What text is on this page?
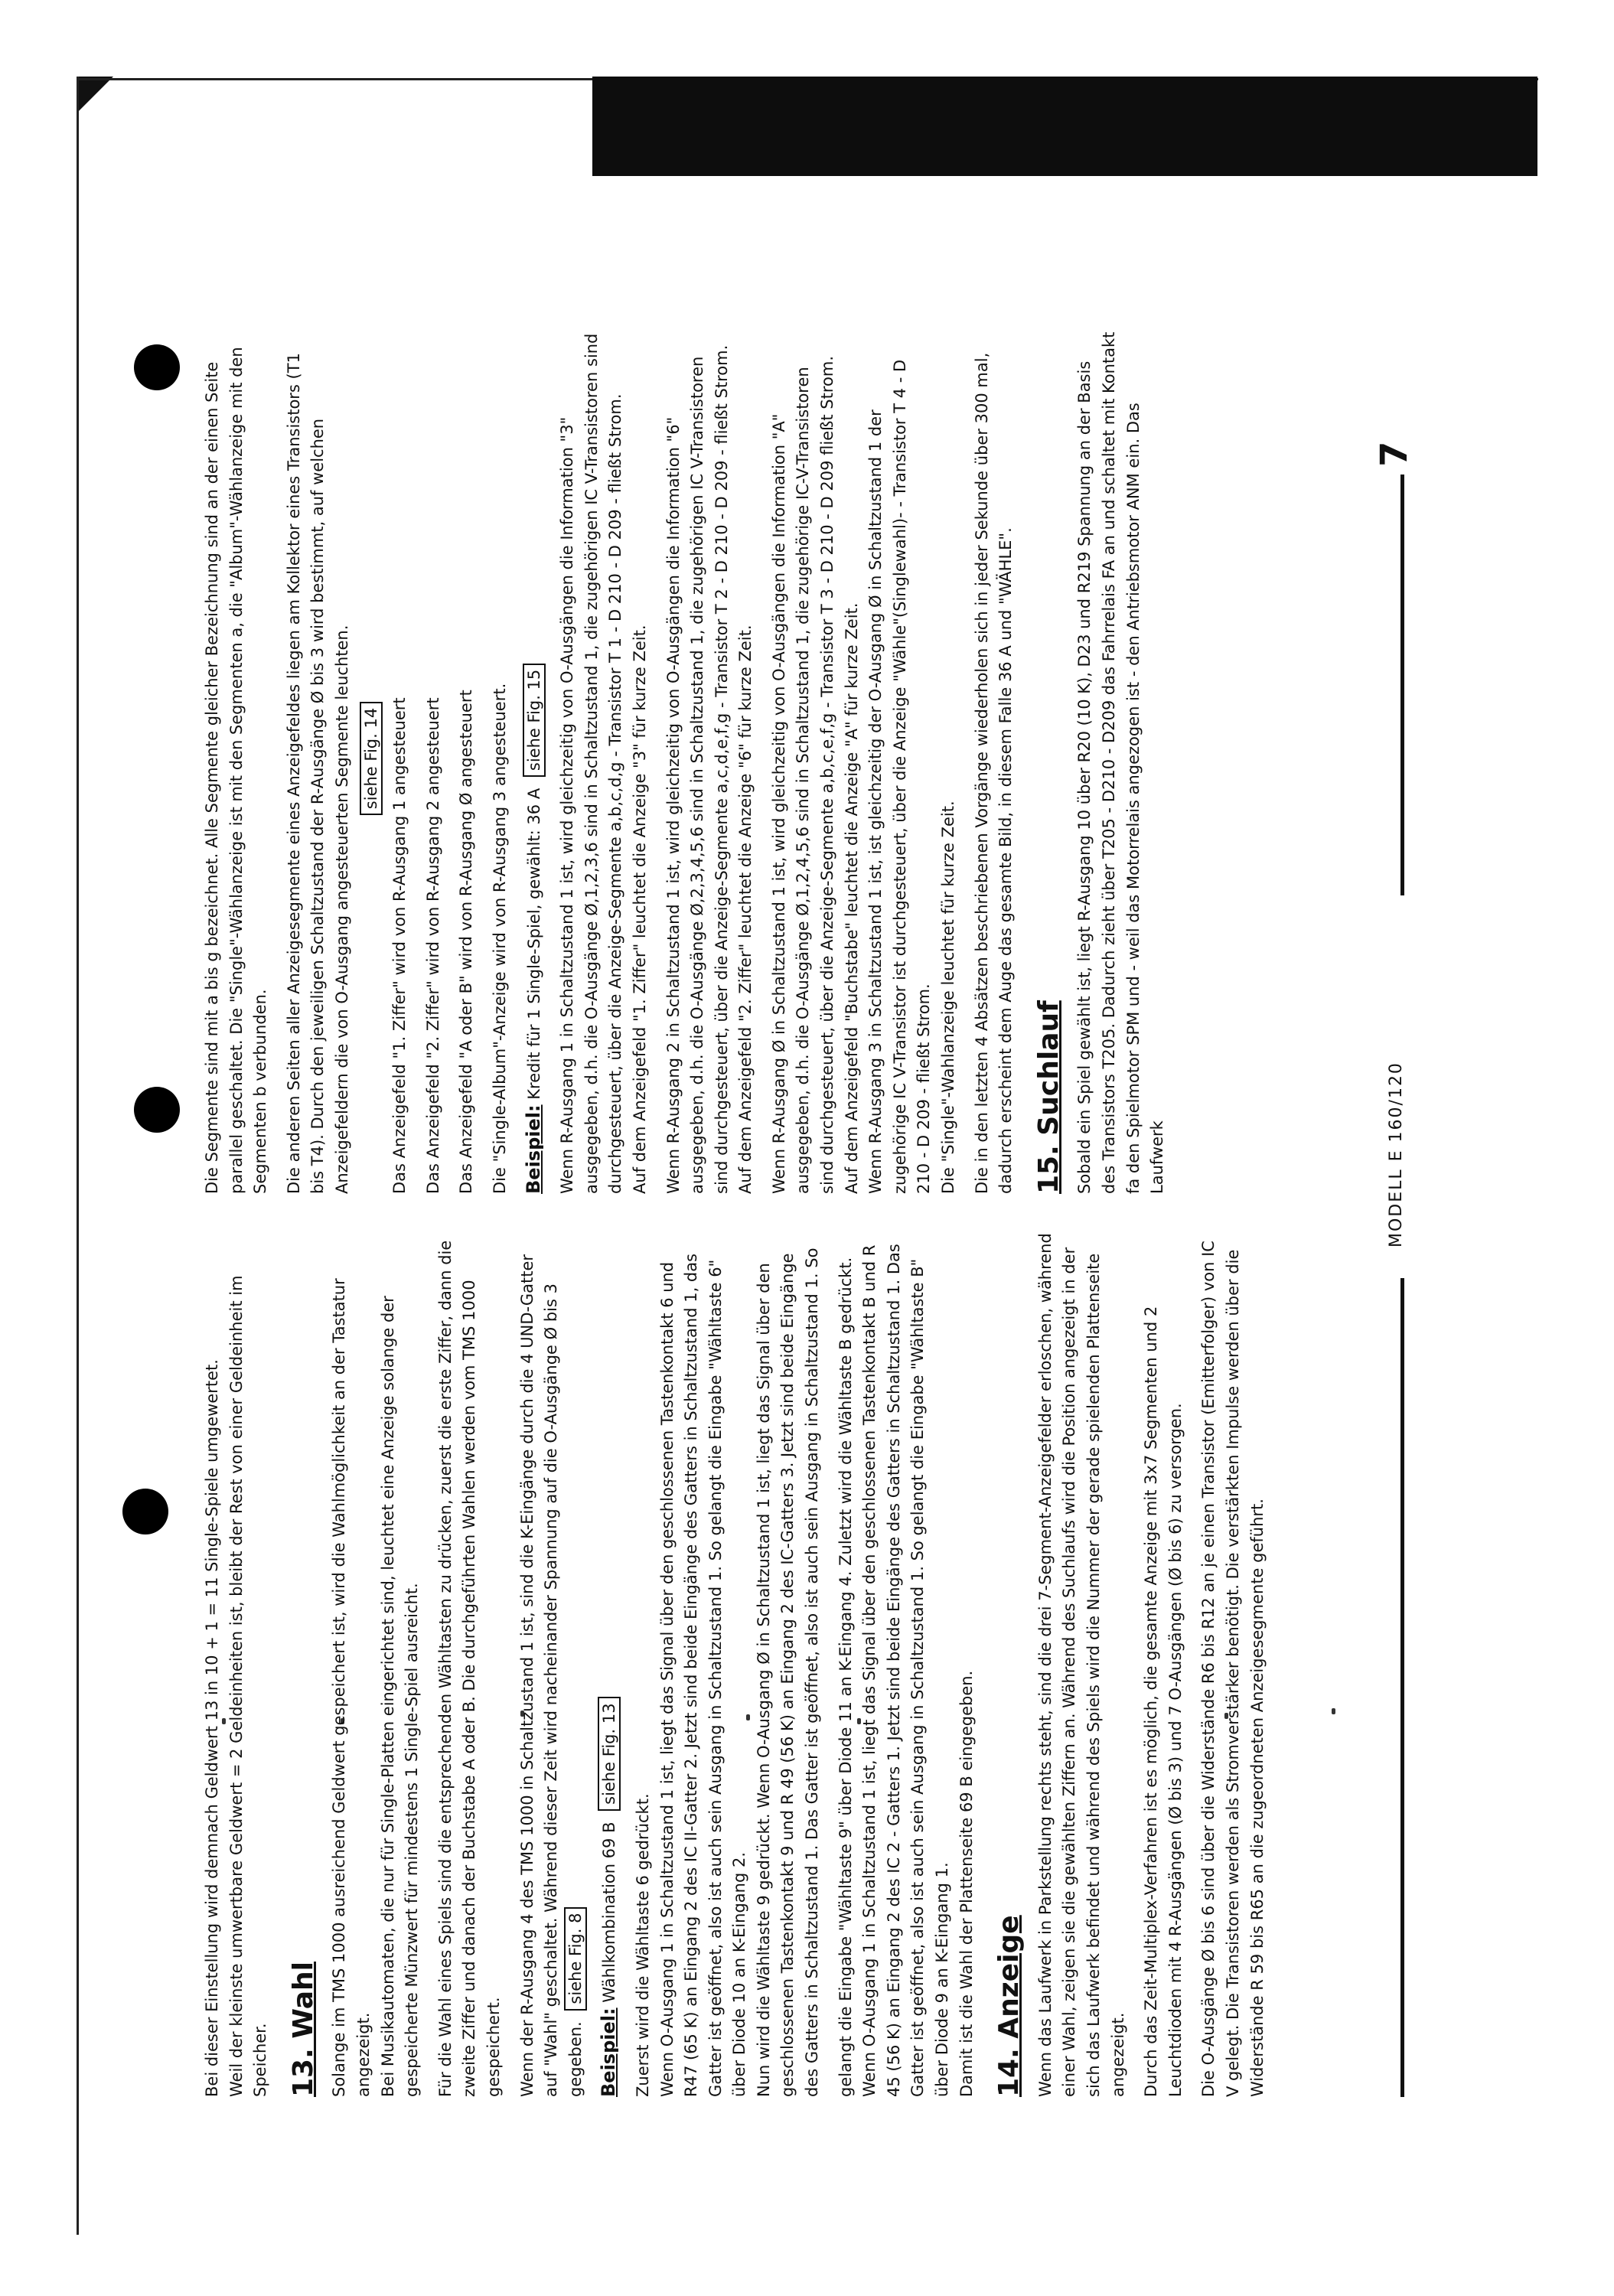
Bei dieser Einstellung wird demnach Geldwert 13 in 10 + 1 = 11 Single-Spiele umgewertet. Weil der kleinste umwertbare Geldwert = 2 Geldeinheiten ist, bleibt der Rest von einer Geldeinheit im Speicher. 13. Wahl Solange im TMS 1000 ausreichend Geldwert gespeichert ist, wird die Wahlmöglichkeit an der Tastatur angezeigt. Bei Musikautomaten, die nur für Single-Platten eingerichtet sind, leuchtet eine Anzeige solange der gespeicherte Münzwert für mindestens 1 Single-Spiel ausreicht. Für die Wahl eines Spiels sind die entsprechenden Wähltasten zu drücken, zuerst die erste Ziffer, dann die zweite Ziffer und danach der Buchstabe A oder B. Die durchgeführten Wahlen werden vom TMS 1000 gespeichert. Wenn der R-Ausgang 4 des TMS 1000 in Schaltzustand 1 ist, sind die K-Eingänge durch die 4 UND-Gatter auf "Wahl" geschaltet. Während dieser Zeit wird nacheinander Spannung auf die O-Ausgänge Ø bis 3 gegeben. siehe Fig. 8

Beispiel: Wählkombination 69 B siehe Fig. 13

Zuerst wird die Wähltaste 6 gedrückt. Wenn O-Ausgang 1 in Schaltzustand 1 ist, liegt das Signal über den geschlossenen Tastenkontakt 6 und R47 (65 K) an Eingang 2 des IC II-Gatter 2. Jetzt sind beide Eingänge des Gatters in Schaltzustand 1, das Gatter ist geöffnet, also ist auch sein Ausgang in Schaltzustand 1. So gelangt die Eingabe "Wähltaste 6" über Diode 10 an K-Eingang 2. Nun wird die Wähltaste 9 gedrückt. Wenn O-Ausgang Ø in Schaltzustand 1 ist, liegt das Signal über den geschlossenen Tastenkontakt 9 und R 49 (56 K) an Eingang 2 des IC-Gatters 3. Jetzt sind beide Eingänge des Gatters in Schaltzustand 1. Das Gatter ist geöffnet, also ist auch sein Ausgang in Schaltzustand 1. So gelangt die Eingabe "Wähltaste 9" über Diode 11 an K-Eingang 4. Zuletzt wird die Wähltaste B gedrückt. Wenn O-Ausgang 1 in Schaltzustand 1 ist, liegt das Signal über den geschlossenen Tastenkontakt B und R 45 (56 K) an Eingang 2 des IC 2 - Gatters 1. Jetzt sind beide Eingänge des Gatters in Schaltzustand 1. Das Gatter ist geöffnet, also ist auch sein Ausgang in Schaltzustand 1. So gelangt die Eingabe "Wähltaste B" über Diode 9 an K-Eingang 1. Damit ist die Wahl der Plattenseite 69 B eingegeben. 14. Anzeige Wenn das Laufwerk in Parkstellung rechts steht, sind die drei 7-Segment-Anzeigefelder erloschen, während einer Wahl, zeigen sie die gewählten Ziffern an. Während des Suchlaufs wird die Position angezeigt in der sich das Laufwerk befindet und während des Spiels wird die Nummer der gerade spielenden Plattenseite angezeigt. Durch das Zeit-Multiplex-Verfahren ist es möglich, die gesamte Anzeige mit 3x7 Segmenten und 2 Leuchtdioden mit 4 R-Ausgängen (Ø bis 3) und 7 O-Ausgängen (Ø bis 6) zu versorgen. Die O-Ausgänge Ø bis 6 sind über die Widerstände R6 bis R12 an je einen Transistor (Emitterfolger) von IC V gelegt. Die Transistoren werden als Stromverstärker benötigt. Die verstärkten Impulse werden über die Widerstände R 59 bis R65 an die zugeordneten Anzeigesegmente geführt.

Die Segmente sind mit a bis g bezeichnet. Alle Segmente gleicher Bezeichnung sind an der einen Seite parallel geschaltet. Die "Single"-Wählanzeige ist mit den Segmenten a, die "Album"-Wählanzeige mit den Segmenten b verbunden. Die anderen Seiten aller Anzeigesegmente eines Anzeigefeldes liegen am Kollektor eines Transistors (T1 bis T4). Durch den jeweiligen Schaltzustand der R-Ausgänge Ø bis 3 wird bestimmt, auf welchen Anzeigefeldern die von O-Ausgang angesteuerten Segmente leuchten. siehe Fig. 14 Das Anzeigefeld "1. Ziffer" wird von R-Ausgang 1 angesteuert Das Anzeigefeld "2. Ziffer" wird von R-Ausgang 2 angesteuert Das Anzeigefeld "A oder B" wird von R-Ausgang Ø angesteuert Die "Single-Album"-Anzeige wird von R-Ausgang 3 angesteuert. Beispiel: Kredit für 1 Single-Spiel, gewählt: 36 A siehe Fig. 15 Wenn R-Ausgang 1 in Schaltzustand 1 ist, wird gleichzeitig von O-Ausgängen die Information "3" ausgegeben, d.h. die O-Ausgänge Ø,1,2,3,6 sind in Schaltzustand 1, die zugehörigen IC V-Transistoren sind durchgesteuert, über die Anzeige-Segmente a,b,c,d,g - Transistor T 1 - D 210 - D 209 - fließt Strom. Auf dem Anzeigefeld "1. Ziffer" leuchtet die Anzeige "3" für kurze Zeit. Wenn R-Ausgang 2 in Schaltzustand 1 ist, wird gleichzeitig von O-Ausgängen die Information "6" ausgegeben, d.h. die O-Ausgänge Ø,2,3,4,5,6 sind in Schaltzustand 1, die zugehörigen IC V-Transistoren sind durchgesteuert, über die Anzeige-Segmente a,c,d,e,f,g - Transistor T 2 - D 210 - D 209 - fließt Strom. Auf dem Anzeigefeld "2. Ziffer" leuchtet die Anzeige "6" für kurze Zeit. Wenn R-Ausgang Ø in Schaltzustand 1 ist, wird gleichzeitig von O-Ausgängen die Information "A" ausgegeben, d.h. die O-Ausgänge Ø,1,2,4,5,6 sind in Schaltzustand 1, die zugehörige IC-V-Transistoren sind durchgesteuert, über die Anzeige-Segmente a,b,c,e,f,g - Transistor T 3 - D 210 - D 209 fließt Strom. Auf dem Anzeigefeld "Buchstabe" leuchtet die Anzeige "A" für kurze Zeit. Wenn R-Ausgang 3 in Schaltzustand 1 ist, ist gleichzeitig der O-Ausgang Ø in Schaltzustand 1 der zugehörige IC V-Transistor ist durchgesteuert, über die Anzeige "Wähle"(Singlewahl)- - Transistor T 4 - D 210 - D 209 - fließt Strom. Die "Single"-Wahlanzeige leuchtet für kurze Zeit. Die in den letzten 4 Absätzen beschriebenen Vorgänge wiederholen sich in jeder Sekunde über 300 mal, dadurch erscheint dem Auge das gesamte Bild, in diesem Falle 36 A und "WÄHLE". 15. Suchlauf Sobald ein Spiel gewählt ist, liegt R-Ausgang 10 über R20 (10 K), D23 und R219 Spannung an der Basis des Transistors T205. Dadurch zieht über T205 - D210 - D209 das Fahrrelais FA an und schaltet mit Kontakt fa den Spielmotor SPM und - weil das Motorrelais angezogen ist - den Antriebsmotor ANM ein. Das Laufwerk	MODELL E 160/120
7
